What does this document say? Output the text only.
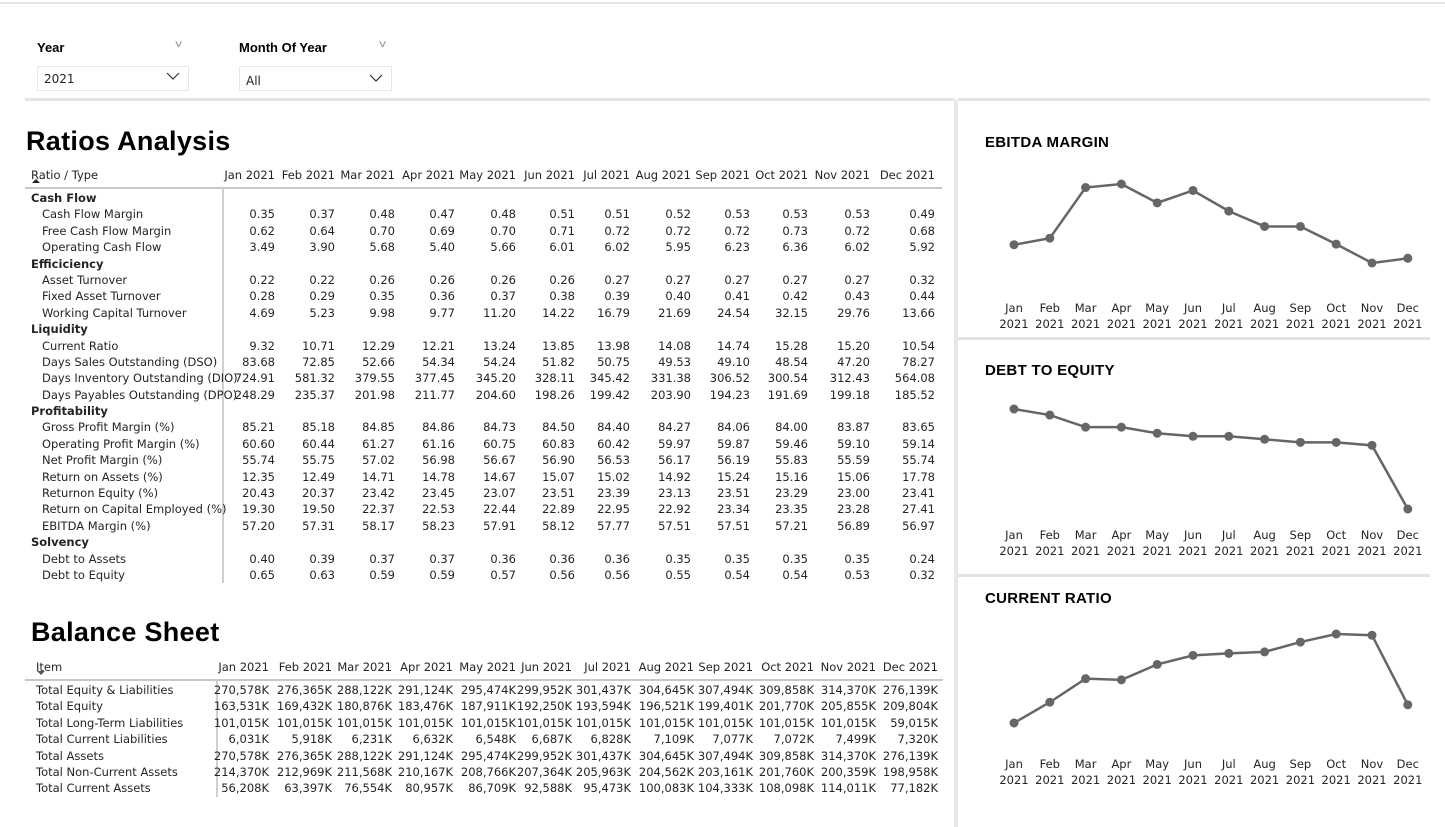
Year	∨
2021
Month Of Year	∨
All
Ratios Analysis
Ratio / Type	Jan 2021 Feb 2021 Mar 2021 Apr 2021 May 2021 Jun 2021 Jul 2021 Aug 2021 Sep 2021 Oct 2021 Nov 2021 Dec 2021
Cash Flow
Cash Flow Margin	0.35	0.37	0.48	0.47	0.48	0.51	0.51	0.52	0.53	0.53	0.53	0.49
Free Cash Flow Margin	0.62	0.64	0.70	0.69	0.70	0.71	0.72	0.72	0.72	0.73	0.72	0.68
Operating Cash Flow	3.49	3.90	5.68	5.40	5.66	6.01	6.02	5.95	6.23	6.36	6.02	5.92
Efficiciency
Asset Turnover	0.22	0.22	0.26	0.26	0.26	0.26	0.27	0.27	0.27	0.27	0.27	0.32
Fixed Asset Turnover	0.28	0.29	0.35	0.36	0.37	0.38	0.39	0.40	0.41	0.42	0.43	0.44
Working Capital Turnover	4.69	5.23	9.98	9.77 11.20 14.22 16.79 21.69 24.54 32.15	29.76	13.66
Liquidity
Current Ratio	9.32 10.71 12.29 12.21 13.24 13.85 13.98 14.08 14.74 15.28	15.20	10.54
Days Sales Outstanding (DSO) 83.68 72.85 52.66 54.34 54.24 51.82 50.75 49.53 49.10 48.54	47.20	78.27
Days Inventory Outstanding (DIO)
724.91 581.32 379.55 377.45 345.20 328.11 345.42 331.38 306.52 300.54 312.43 564.08
Days Payables Outstanding (DPO)
248.29 235.37 201.98 211.77 204.60 198.26 199.42 203.90 194.23 191.69 199.18 185.52
Profitability
Gross Profit Margin (%)	85.21 85.18 84.85 84.86 84.73 84.50 84.40 84.27 84.06 84.00	83.87	83.65
Operating Profit Margin (%)	60.60 60.44 61.27 61.16 60.75 60.83 60.42 59.97 59.87 59.46	59.10	59.14
Net Profit Margin (%)	55.74 55.75 57.02 56.98 56.67 56.90 56.53 56.17 56.19 55.83	55.59	55.74
Return on Assets (%)	12.35 12.49 14.71 14.78 14.67 15.07 15.02 14.92 15.24 15.16	15.06	17.78
Returnon Equity (%)	20.43 20.37 23.42 23.45 23.07 23.51 23.39 23.13 23.51 23.29	23.00	23.41
Return on Capital Employed (%) 19.30 19.50 22.37 22.53 22.44 22.89 22.95 22.92 23.34 23.35	23.28	27.41
EBITDA Margin (%)	57.20 57.31 58.17 58.23 57.91 58.12 57.77 57.51 57.51 57.21	56.89	56.97
Solvency
Debt to Assets	0.40	0.39	0.37	0.37	0.36	0.36	0.36	0.35	0.35	0.35	0.35	0.24
Debt to Equity	0.65	0.63	0.59	0.59	0.57	0.56	0.56	0.55	0.54	0.54	0.53	0.32
Balance Sheet
Item	Jan 2021 Feb 2021 Mar 2021 Apr 2021 May 2021 Jun 2021 Jul 2021 Aug 2021 Sep 2021 Oct 2021 Nov 2021 Dec 2021
Total Equity & Liabilities	270,578K 276,365K 288,122K 291,124K 295,474K 299,952K 301,437K 304,645K 307,494K 309,858K 314,370K 276,139K
Total Equity	163,531K 169,432K 180,876K 183,476K 187,911K 192,250K 193,594K 196,521K 199,401K 201,770K 205,855K 209,804K
Total Long-Term Liabilities	101,015K 101,015K 101,015K 101,015K 101,015K 101,015K 101,015K 101,015K 101,015K 101,015K 101,015K 59,015K
Total Current Liabilities	6,031K 5,918K 6,231K 6,632K 6,548K 6,687K 6,828K 7,109K 7,077K 7,072K 7,499K 7,320K
Total Assets	270,578K 276,365K 288,122K 291,124K 295,474K 299,952K 301,437K 304,645K 307,494K 309,858K 314,370K 276,139K
Total Non-Current Assets	214,370K 212,969K 211,568K 210,167K 208,766K 207,364K 205,963K 204,562K 203,161K 201,760K 200,359K 198,958K
Total Current Assets	56,208K 63,397K 76,554K 80,957K 86,709K 92,588K 95,473K 100,083K 104,333K 108,098K 114,011K 77,182K
EBITDA MARGIN
Jan
2021
Feb
2021
Mar
2021
Apr
2021
May
2021
Jun
2021
Jul
2021
Aug
2021
Sep
2021
Oct
2021
Nov
2021
Dec
2021
DEBT TO EQUITY
Jan
2021
Feb
2021
Mar
2021
Apr
2021
May
2021
Jun
2021
Jul
2021
Aug
2021
Sep
2021
Oct
2021
Nov
2021
Dec
2021
CURRENT RATIO
Jan
2021
Feb
2021
Mar
2021
Apr
2021
May
2021
Jun
2021
Jul
2021
Aug
2021
Sep
2021
Oct
2021
Nov
2021
Dec
2021
